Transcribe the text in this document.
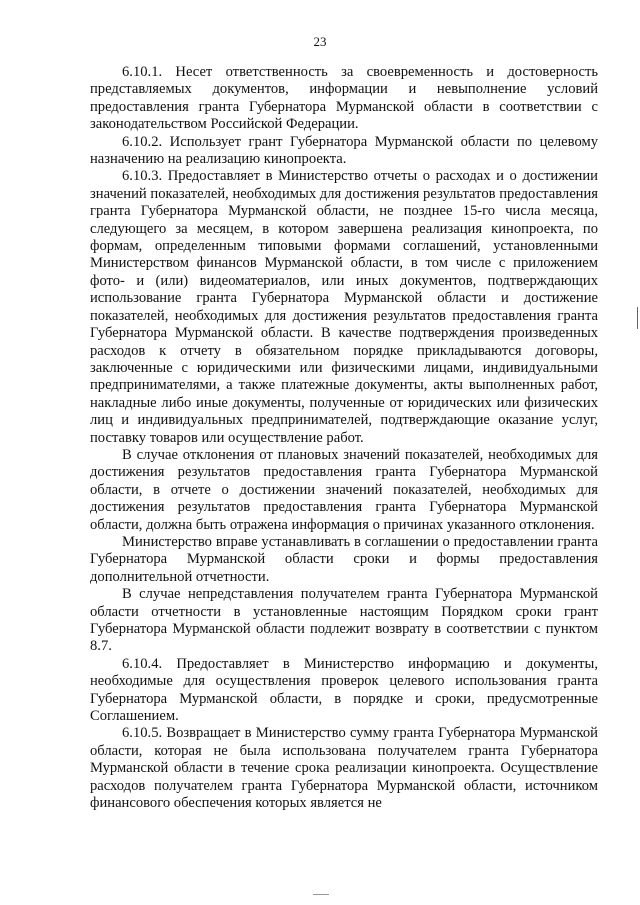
23

6.10.1. Несет ответственность за своевременность и достоверность представляемых документов, информации и невыполнение условий предоставления гранта Губернатора Мурманской области в соответствии с законодательством Российской Федерации.

6.10.2. Использует грант Губернатора Мурманской области по целевому назначению на реализацию кинопроекта.

6.10.3. Предоставляет в Министерство отчеты о расходах и о достижении значений показателей, необходимых для достижения результатов предоставления гранта Губернатора Мурманской области, не позднее 15-го числа месяца, следующего за месяцем, в котором завершена реализация кинопроекта, по формам, определенным типовыми формами соглашений, установленными Министерством финансов Мурманской области, в том числе с приложением фото- и (или) видеоматериалов, или иных документов, подтверждающих использование гранта Губернатора Мурманской области и достижение показателей, необходимых для достижения результатов предоставления гранта Губернатора Мурманской области. В качестве подтверждения произведенных расходов к отчету в обязательном порядке прикладываются договоры, заключенные с юридическими или физическими лицами, индивидуальными предпринимателями, а также платежные документы, акты выполненных работ, накладные либо иные документы, полученные от юридических или физических лиц и индивидуальных предпринимателей, подтверждающие оказание услуг, поставку товаров или осуществление работ.

В случае отклонения от плановых значений показателей, необходимых для достижения результатов предоставления гранта Губернатора Мурманской области, в отчете о достижении значений показателей, необходимых для достижения результатов предоставления гранта Губернатора Мурманской области, должна быть отражена информация о причинах указанного отклонения.

Министерство вправе устанавливать в соглашении о предоставлении гранта Губернатора Мурманской области сроки и формы предоставления дополнительной отчетности.

В случае непредставления получателем гранта Губернатора Мурманской области отчетности в установленные настоящим Порядком сроки грант Губернатора Мурманской области подлежит возврату в соответствии с пунктом 8.7.

6.10.4. Предоставляет в Министерство информацию и документы, необходимые для осуществления проверок целевого использования гранта Губернатора Мурманской области, в порядке и сроки, предусмотренные Соглашением.

6.10.5. Возвращает в Министерство сумму гранта Губернатора Мурманской области, которая не была использована получателем гранта Губернатора Мурманской области в течение срока реализации кинопроекта. Осуществление расходов получателем гранта Губернатора Мурманской области, источником финансового обеспечения которых является не
